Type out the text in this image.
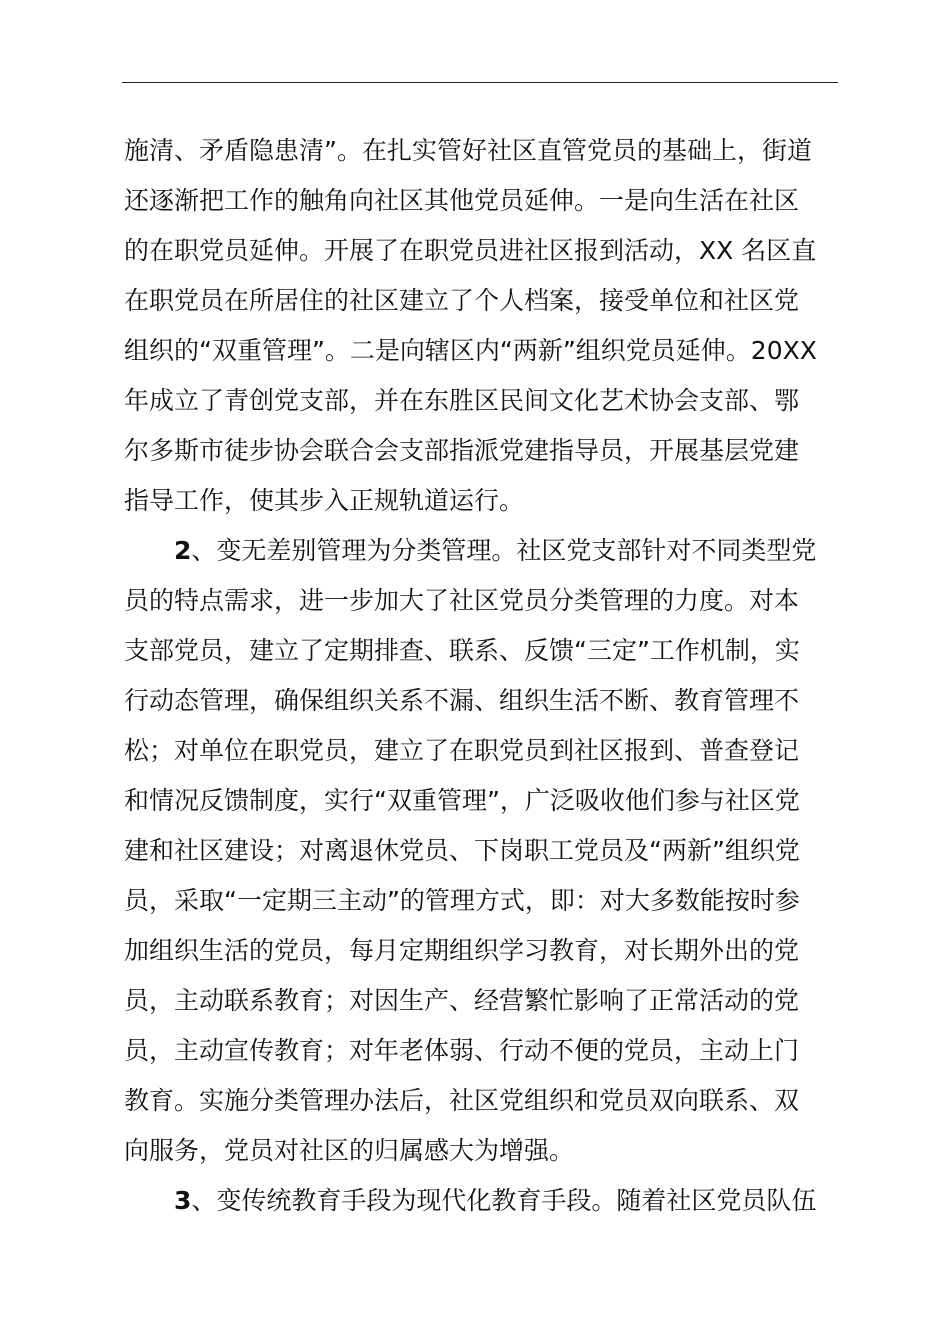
施清、矛盾隐患清”。在扎实管好社区直管党员的基础上，街道
还逐渐把工作的触角向社区其他党员延伸。一是向生活在社区
的在职党员延伸。开展了在职党员进社区报到活动，XX 名区直
在职党员在所居住的社区建立了个人档案，接受单位和社区党
组织的“双重管理”。二是向辖区内“两新”组织党员延伸。20XX
年成立了青创党支部，并在东胜区民间文化艺术协会支部、鄂
尔多斯市徒步协会联合会支部指派党建指导员，开展基层党建
指导工作，使其步入正规轨道运行。
2、变无差别管理为分类管理。社区党支部针对不同类型党
员的特点需求，进一步加大了社区党员分类管理的力度。对本
支部党员，建立了定期排查、联系、反馈“三定”工作机制，实
行动态管理，确保组织关系不漏、组织生活不断、教育管理不
松；对单位在职党员，建立了在职党员到社区报到、普查登记
和情况反馈制度，实行“双重管理”，广泛吸收他们参与社区党
建和社区建设；对离退休党员、下岗职工党员及“两新”组织党
员，采取“一定期三主动”的管理方式，即：对大多数能按时参
加组织生活的党员，每月定期组织学习教育，对长期外出的党
员，主动联系教育；对因生产、经营繁忙影响了正常活动的党
员，主动宣传教育；对年老体弱、行动不便的党员，主动上门
教育。实施分类管理办法后，社区党组织和党员双向联系、双
向服务，党员对社区的归属感大为增强。
3、变传统教育手段为现代化教育手段。随着社区党员队伍
